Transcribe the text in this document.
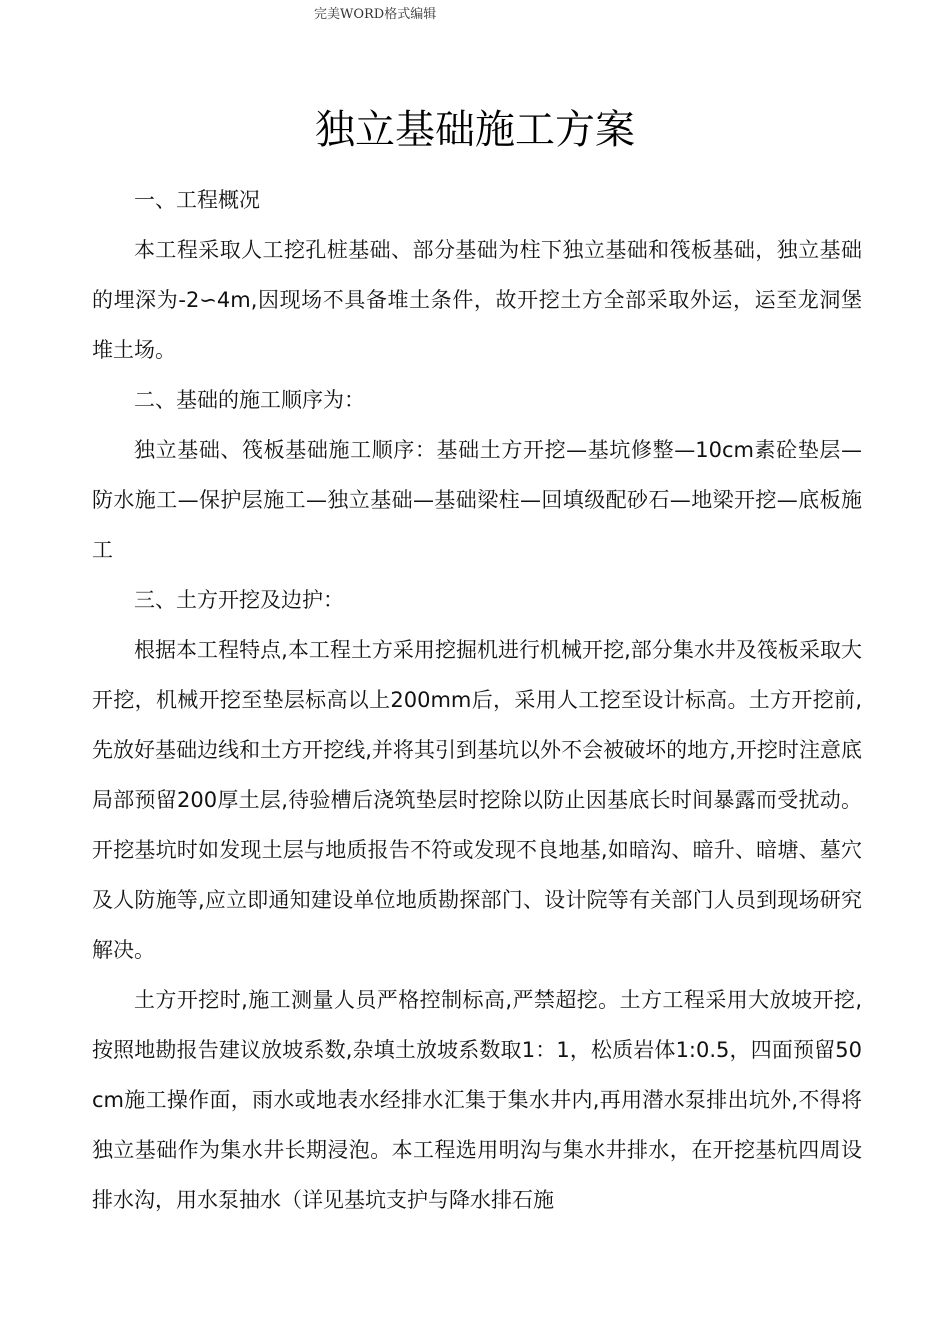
完美WORD格式编辑
独立基础施工方案

一、工程概况

本工程采取人工挖孔桩基础、部分基础为柱下独立基础和筏板基础，独立基础的埋深为-2∽4m,因现场不具备堆土条件，故开挖土方全部采取外运，运至龙洞堡堆土场。

二、基础的施工顺序为：

独立基础、筏板基础施工顺序：基础土方开挖—基坑修整—10cm素砼垫层—防水施工—保护层施工—独立基础—基础梁柱—回填级配砂石—地梁开挖—底板施工

三、土方开挖及边护：

根据本工程特点,本工程土方采用挖掘机进行机械开挖,部分集水井及筏板采取大开挖，机械开挖至垫层标高以上200mm后，采用人工挖至设计标高。土方开挖前,先放好基础边线和土方开挖线,并将其引到基坑以外不会被破坏的地方,开挖时注意底局部预留200厚土层,待验槽后浇筑垫层时挖除以防止因基底长时间暴露而受扰动。开挖基坑时如发现土层与地质报告不符或发现不良地基,如暗沟、暗升、暗塘、墓穴及人防施等,应立即通知建设单位地质勘探部门、设计院等有关部门人员到现场研究解决。

土方开挖时,施工测量人员严格控制标高,严禁超挖。土方工程采用大放坡开挖,按照地勘报告建议放坡系数,杂填土放坡系数取1：1，松质岩体1:0.5，四面预留50cm施工操作面，雨水或地表水经排水汇集于集水井内,再用潜水泵排出坑外,不得将独立基础作为集水井长期浸泡。本工程选用明沟与集水井排水，在开挖基杭四周设排水沟，用水泵抽水（详见基坑支护与降水排石施
